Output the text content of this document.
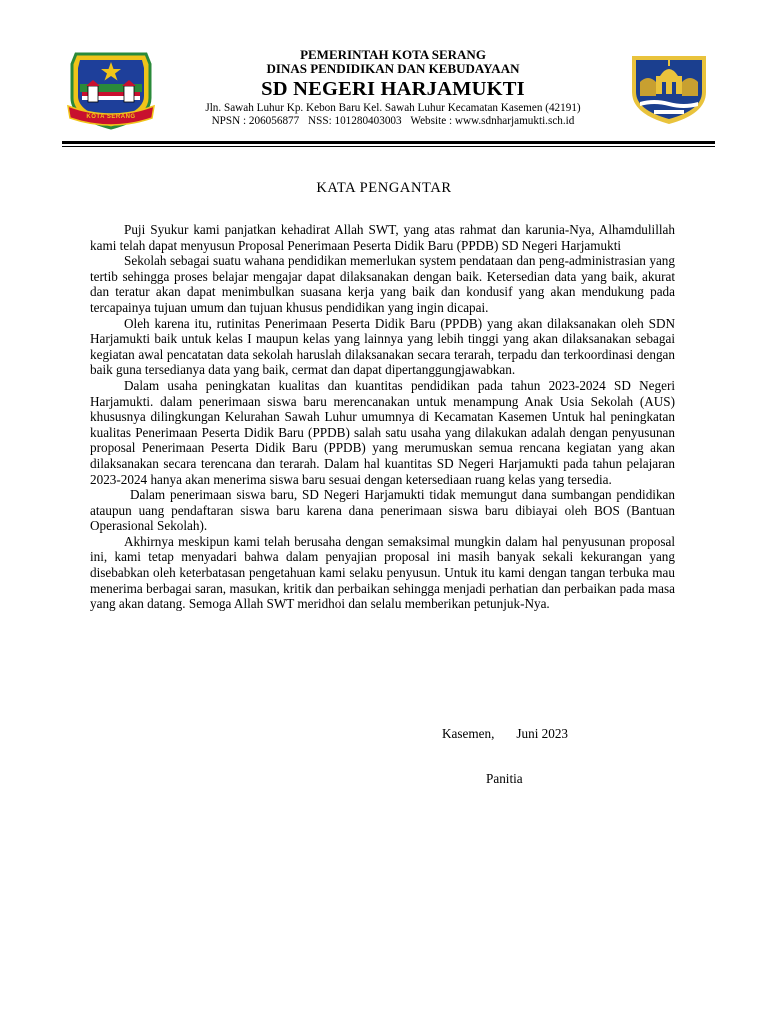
KOTA SERANG
PEMERINTAH KOTA SERANG
DINAS PENDIDIKAN DAN KEBUDAYAAN
SD NEGERI HARJAMUKTI
Jln. Sawah Luhur Kp. Kebon Baru Kel. Sawah Luhur Kecamatan Kasemen (42191)
NPSN : 206056877 NSS: 101280403003 Website : www.sdnharjamukti.sch.id
KATA PENGANTAR

Puji Syukur kami panjatkan kehadirat Allah SWT, yang atas rahmat dan karunia-Nya, Alhamdulillah kami telah dapat menyusun Proposal Penerimaan Peserta Didik Baru (PPDB) SD Negeri Harjamukti

Sekolah sebagai suatu wahana pendidikan memerlukan system pendataan dan peng-administrasian yang tertib sehingga proses belajar mengajar dapat dilaksanakan dengan baik. Ketersedian data yang baik, akurat dan teratur akan dapat menimbulkan suasana kerja yang baik dan kondusif yang akan mendukung pada tercapainya tujuan umum dan tujuan khusus pendidikan yang ingin dicapai.

Oleh karena itu, rutinitas Penerimaan Peserta Didik Baru (PPDB) yang akan dilaksanakan oleh SDN Harjamukti baik untuk kelas I maupun kelas yang lainnya yang lebih tinggi yang akan dilaksanakan sebagai kegiatan awal pencatatan data sekolah haruslah dilaksanakan secara terarah, terpadu dan terkoordinasi dengan baik guna tersedianya data yang baik, cermat dan dapat dipertanggungjawabkan.

Dalam usaha peningkatan kualitas dan kuantitas pendidikan pada tahun 2023-2024 SD Negeri Harjamukti. dalam penerimaan siswa baru merencanakan untuk menampung Anak Usia Sekolah (AUS) khususnya dilingkungan Kelurahan Sawah Luhur umumnya di Kecamatan Kasemen Untuk hal peningkatan kualitas Penerimaan Peserta Didik Baru (PPDB) salah satu usaha yang dilakukan adalah dengan penyusunan proposal Penerimaan Peserta Didik Baru (PPDB) yang merumuskan semua rencana kegiatan yang akan dilaksanakan secara terencana dan terarah. Dalam hal kuantitas SD Negeri Harjamukti pada tahun pelajaran 2023-2024 hanya akan menerima siswa baru sesuai dengan ketersediaan ruang kelas yang tersedia.

Dalam penerimaan siswa baru, SD Negeri Harjamukti tidak memungut dana sumbangan pendidikan ataupun uang pendaftaran siswa baru karena dana penerimaan siswa baru dibiayai oleh BOS (Bantuan Operasional Sekolah).

Akhirnya meskipun kami telah berusaha dengan semaksimal mungkin dalam hal penyusunan proposal ini, kami tetap menyadari bahwa dalam penyajian proposal ini masih banyak sekali kekurangan yang disebabkan oleh keterbatasan pengetahuan kami selaku penyusun. Untuk itu kami dengan tangan terbuka mau menerima berbagai saran, masukan, kritik dan perbaikan sehingga menjadi perhatian dan perbaikan pada masa yang akan datang. Semoga Allah SWT meridhoi dan selalu memberikan petunjuk-Nya.

Kasemen, Juni 2023
Panitia
